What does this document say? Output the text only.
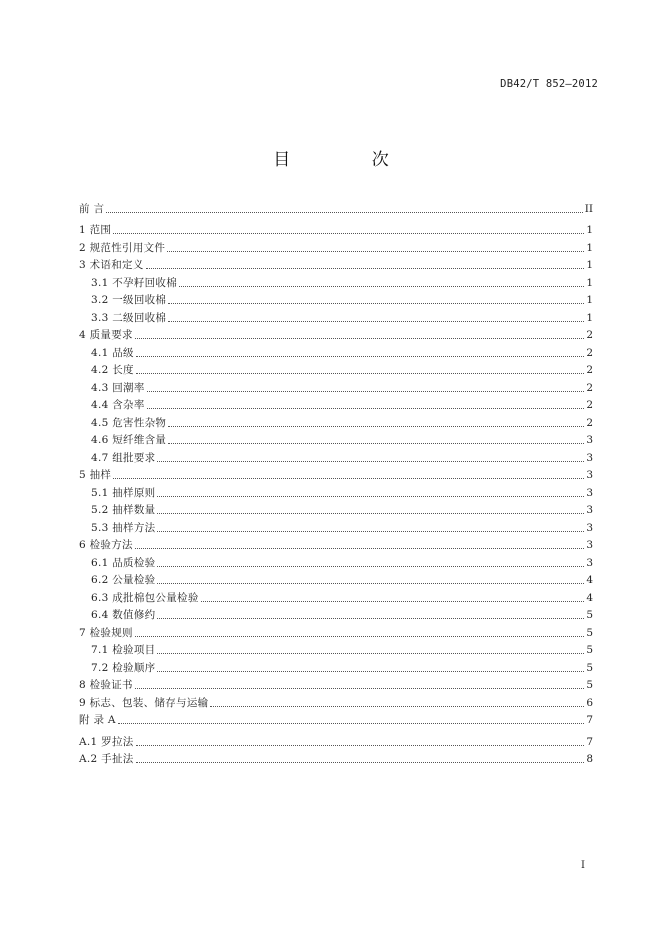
DB42/T 852—2012
目 次
前 言	II
1 范围	1
2 规范性引用文件	1
3 术语和定义	1
3.1 不孕籽回收棉	1
3.2 一级回收棉	1
3.3 二级回收棉	1
4 质量要求	2
4.1 品级	2
4.2 长度	2
4.3 回潮率	2
4.4 含杂率	2
4.5 危害性杂物	2
4.6 短纤维含量	3
4.7 组批要求	3
5 抽样	3
5.1 抽样原则	3
5.2 抽样数量	3
5.3 抽样方法	3
6 检验方法	3
6.1 品质检验	3
6.2 公量检验	4
6.3 成批棉包公量检验	4
6.4 数值修约	5
7 检验规则	5
7.1 检验项目	5
7.2 检验顺序	5
8 检验证书	5
9 标志、包装、储存与运输	6
附 录 A	7
A.1 罗拉法	7
A.2 手扯法	8
I
